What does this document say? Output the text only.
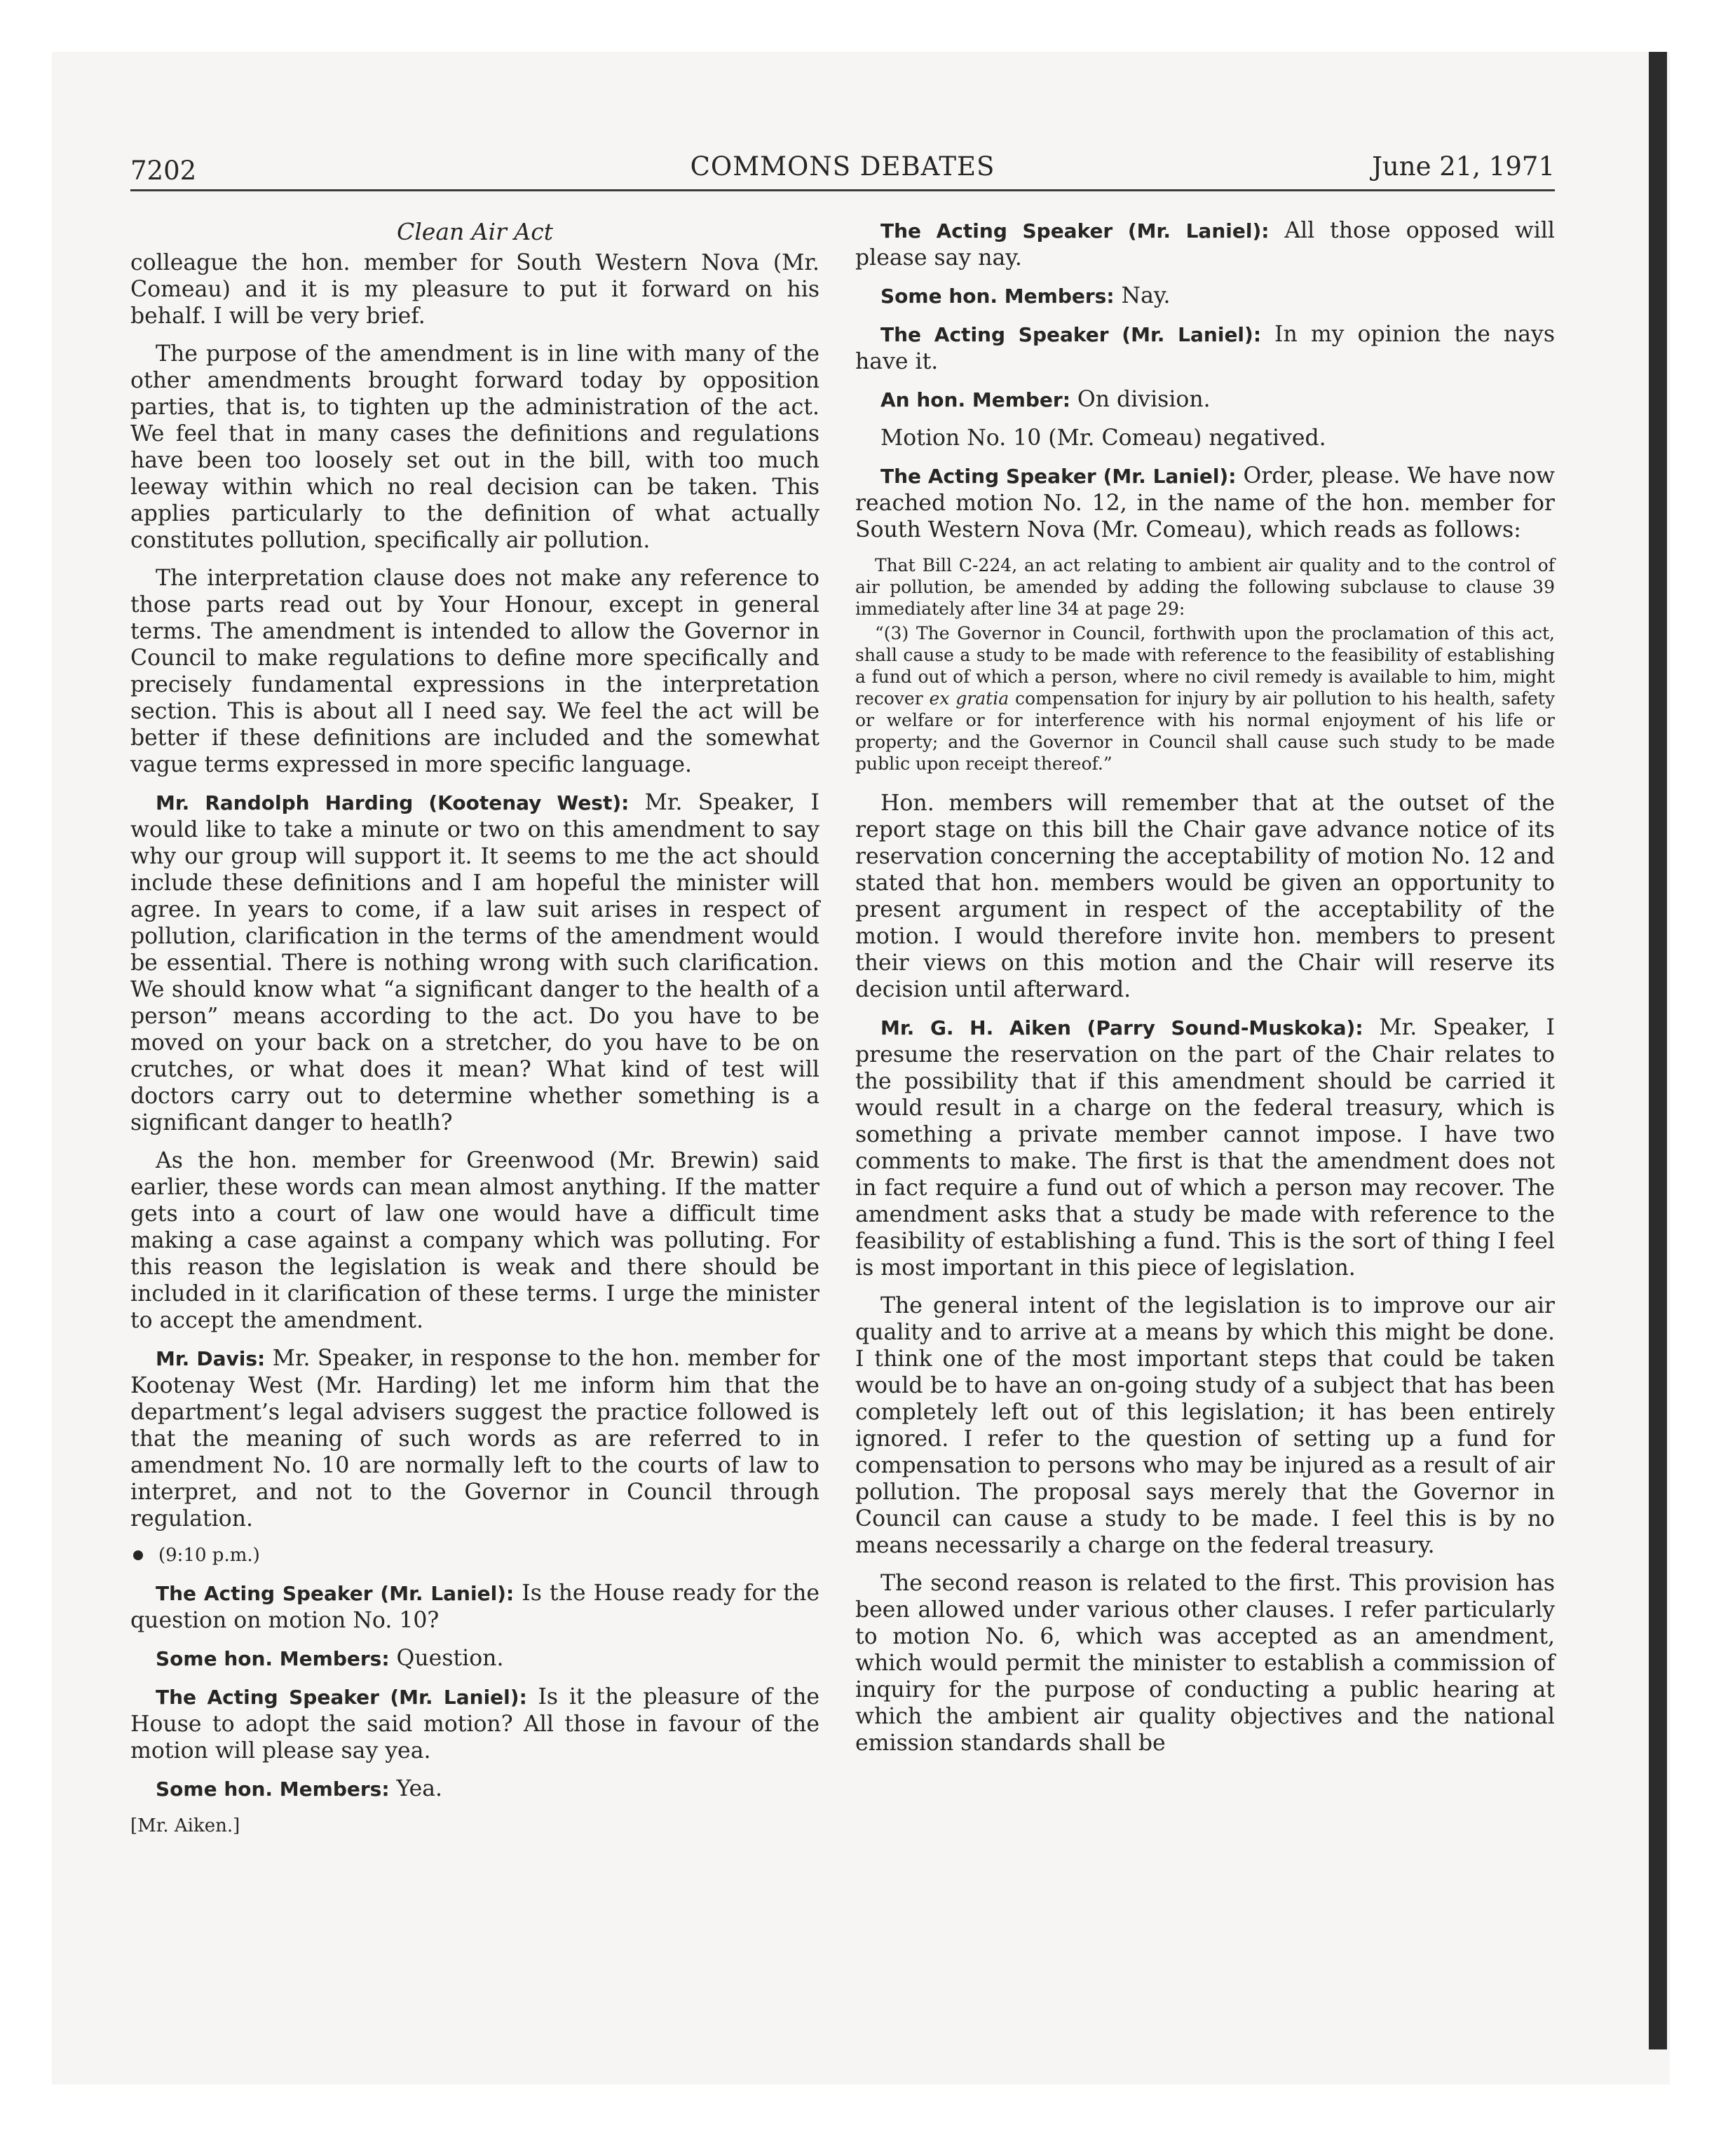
7202	COMMONS DEBATES	June 21, 1971
Clean Air Act

colleague the hon. member for South Western Nova (Mr. Comeau) and it is my pleasure to put it forward on his behalf. I will be very brief.

The purpose of the amendment is in line with many of the other amendments brought forward today by opposition parties, that is, to tighten up the administration of the act. We feel that in many cases the definitions and regulations have been too loosely set out in the bill, with too much leeway within which no real decision can be taken. This applies particularly to the definition of what actually constitutes pollution, specifically air pollution.

The interpretation clause does not make any reference to those parts read out by Your Honour, except in general terms. The amendment is intended to allow the Governor in Council to make regulations to define more specifically and precisely fundamental expressions in the interpretation section. This is about all I need say. We feel the act will be better if these definitions are included and the somewhat vague terms expressed in more specific language.

Mr. Randolph Harding (Kootenay West): Mr. Speaker, I would like to take a minute or two on this amendment to say why our group will support it. It seems to me the act should include these definitions and I am hopeful the minister will agree. In years to come, if a law suit arises in respect of pollution, clarification in the terms of the amendment would be essential. There is nothing wrong with such clarification. We should know what “a significant danger to the health of a person” means according to the act. Do you have to be moved on your back on a stretcher, do you have to be on crutches, or what does it mean? What kind of test will doctors carry out to determine whether something is a significant danger to heatlh?

As the hon. member for Greenwood (Mr. Brewin) said earlier, these words can mean almost anything. If the matter gets into a court of law one would have a difficult time making a case against a company which was polluting. For this reason the legislation is weak and there should be included in it clarification of these terms. I urge the minister to accept the amendment.

Mr. Davis: Mr. Speaker, in response to the hon. member for Kootenay West (Mr. Harding) let me inform him that the department’s legal advisers suggest the practice followed is that the meaning of such words as are referred to in amendment No. 10 are normally left to the courts of law to interpret, and not to the Governor in Council through regulation.

(9:10 p.m.)

The Acting Speaker (Mr. Laniel): Is the House ready for the question on motion No. 10?

Some hon. Members: Question.

The Acting Speaker (Mr. Laniel): Is it the pleasure of the House to adopt the said motion? All those in favour of the motion will please say yea.

Some hon. Members: Yea.

[Mr. Aiken.]

The Acting Speaker (Mr. Laniel): All those opposed will please say nay.

Some hon. Members: Nay.

The Acting Speaker (Mr. Laniel): In my opinion the nays have it.

An hon. Member: On division.

Motion No. 10 (Mr. Comeau) negatived.

The Acting Speaker (Mr. Laniel): Order, please. We have now reached motion No. 12, in the name of the hon. member for South Western Nova (Mr. Comeau), which reads as follows:

That Bill C-224, an act relating to ambient air quality and to the control of air pollution, be amended by adding the following subclause to clause 39 immediately after line 34 at page 29:
“(3) The Governor in Council, forthwith upon the proclamation of this act, shall cause a study to be made with reference to the feasibility of establishing a fund out of which a person, where no civil remedy is available to him, might recover ex gratia compensation for injury by air pollution to his health, safety or welfare or for interference with his normal enjoyment of his life or property; and the Governor in Council shall cause such study to be made public upon receipt thereof.”

Hon. members will remember that at the outset of the report stage on this bill the Chair gave advance notice of its reservation concerning the acceptability of motion No. 12 and stated that hon. members would be given an opportunity to present argument in respect of the acceptability of the motion. I would therefore invite hon. members to present their views on this motion and the Chair will reserve its decision until afterward.

Mr. G. H. Aiken (Parry Sound-Muskoka): Mr. Speaker, I presume the reservation on the part of the Chair relates to the possibility that if this amendment should be carried it would result in a charge on the federal treasury, which is something a private member cannot impose. I have two comments to make. The first is that the amendment does not in fact require a fund out of which a person may recover. The amendment asks that a study be made with reference to the feasibility of establishing a fund. This is the sort of thing I feel is most important in this piece of legislation.

The general intent of the legislation is to improve our air quality and to arrive at a means by which this might be done. I think one of the most important steps that could be taken would be to have an on-going study of a subject that has been completely left out of this legislation; it has been entirely ignored. I refer to the question of setting up a fund for compensation to persons who may be injured as a result of air pollution. The proposal says merely that the Governor in Council can cause a study to be made. I feel this is by no means necessarily a charge on the federal treasury.

The second reason is related to the first. This provision has been allowed under various other clauses. I refer particularly to motion No. 6, which was accepted as an amendment, which would permit the minister to establish a commission of inquiry for the purpose of conducting a public hearing at which the ambient air quality objectives and the national emission standards shall be
